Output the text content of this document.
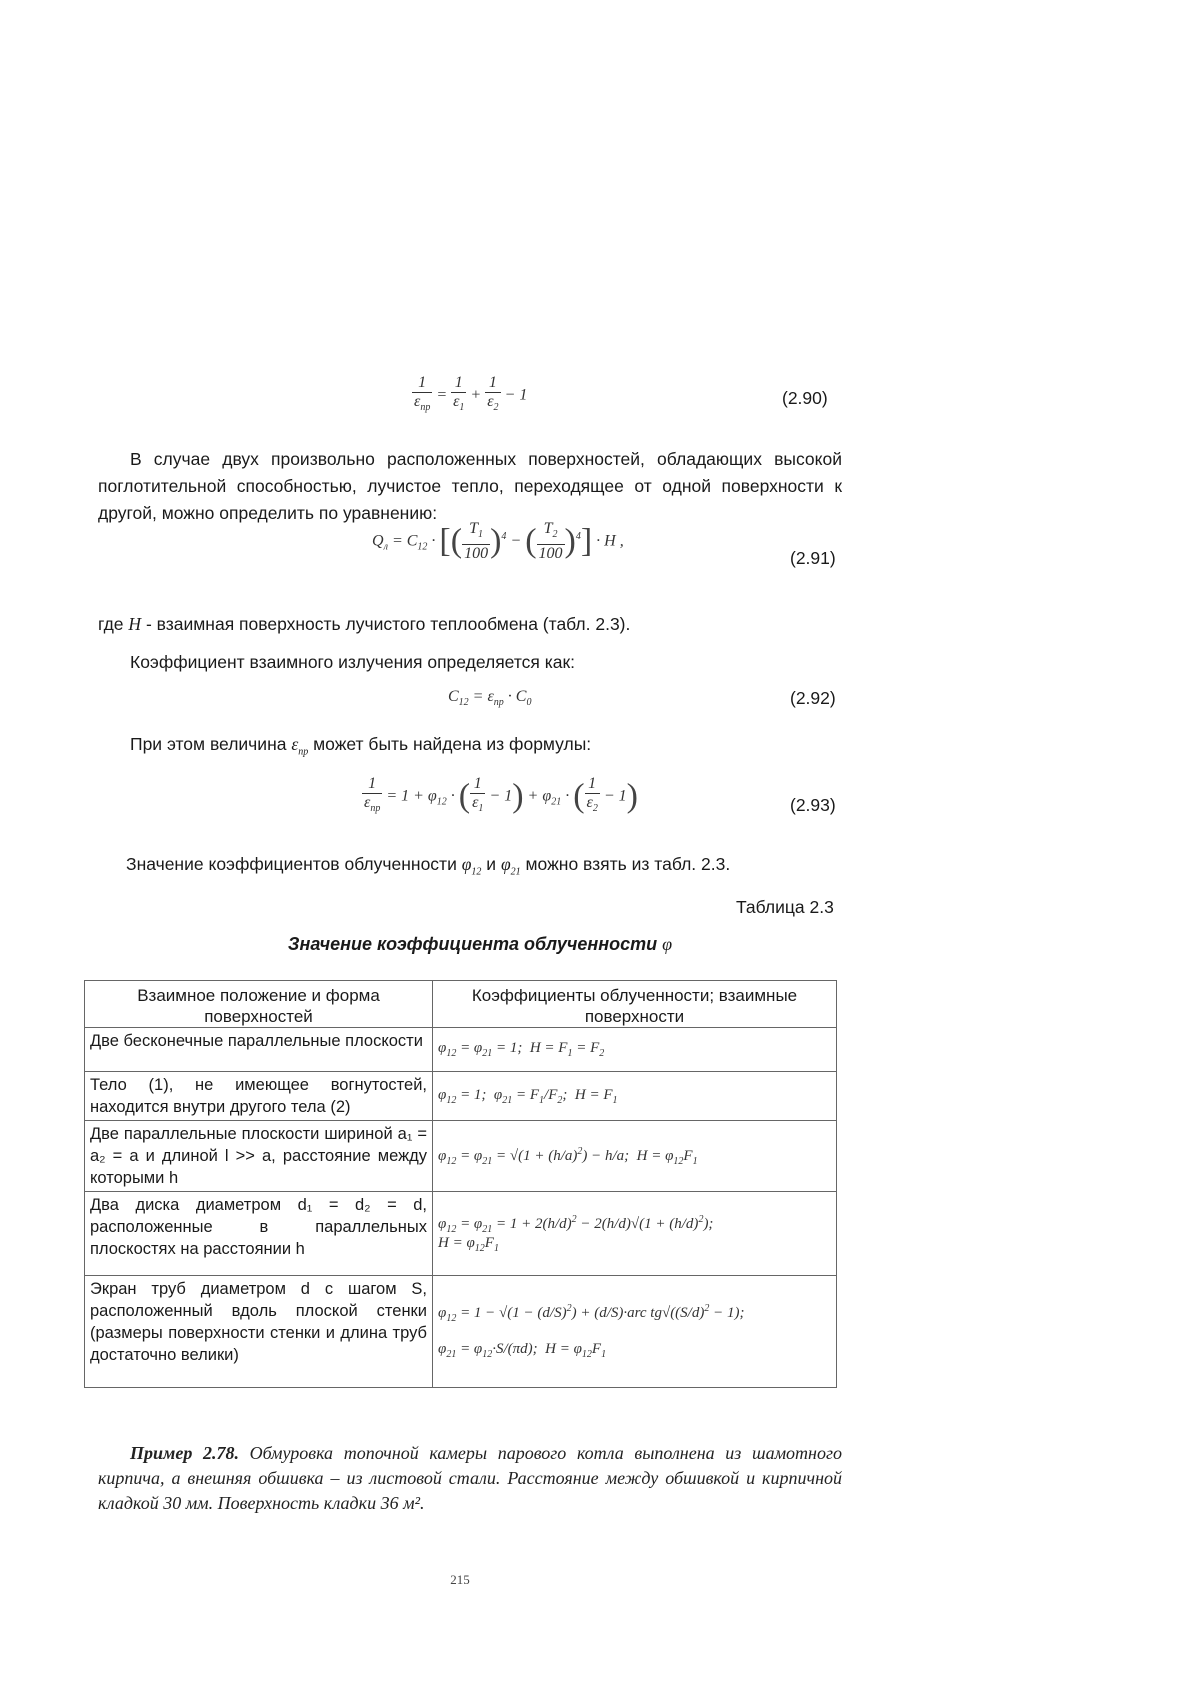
$\frac{1}{\varepsilon_{пр}} = \frac{1}{\varepsilon_1} + \frac{1}{\varepsilon_2} - 1$	(2.90)
В случае двух произвольно расположенных поверхностей, обладающих высокой поглотительной способностью, лучистое тепло, переходящее от одной поверхности к другой, можно определить по уравнению:
$Q_л = C_{12}$ · [( $\frac{T_1}{100} )^4$ − ( $\frac{T_2}{100} )^4] \cdot H$ ,
(2.91)
где H - взаимная поверхность лучистого теплообмена (табл. 2.3).
Коэффициент взаимного излучения определяется как:
$C_{12} = \varepsilon_{пр} \cdot C_0$	(2.92)
При этом величина $\varepsilon_{пр}$ может быть найдена из формулы:
$\frac{1}{\varepsilon_{пр}} = 1 + \varphi_{12}$ · ( $\frac{1}{\varepsilon_1} - 1) + \varphi_{21}$ · ( $\frac{1}{\varepsilon_2} - 1$)	(2.93)
Значение коэффициентов облученности $\varphi_{12}$ и $\varphi_{21}$ можно взять из табл. 2.3.
Таблица 2.3
Значение коэффициента облученности φ
Взаимное положение и форма поверхностей	Коэффициенты облученности; взаимные поверхности
Две бесконечные параллельные плоскости	$\varphi_{12} = \varphi_{21} = 1$;  $H = F_1 = F_2$
Тело (1), не имеющее вогнутостей, находится внутри другого тела (2)	$\varphi_{12} = 1$;  $\varphi_{21} = F_1/F_2$;  $H = F_1$
Две параллельные плоскости шириной a₁ = a₂ = a и длиной l >> a, расстояние между которыми h	$\varphi_{12} = \varphi_{21} = √(1 + (h/a)^2) - h/a$;  $H = \varphi_{12}F_1$
Два диска диаметром d₁ = d₂ = d, расположенные в параллельных плоскостях на расстоянии h	$\varphi_{12} = \varphi_{21} = 1 + 2(h/d)^2 - 2(h/d)√(1 + (h/d)^2)$;
$H = \varphi_{12}F_1$
Экран труб диаметром d с шагом S, расположенный вдоль плоской стенки (размеры поверхности стенки и длина труб достаточно велики)	$\varphi_{12} = 1 - √(1 - (d/S)^2) + (d/S)\cdot arc$ $tg√((S/d)^2 - 1)$;

$\varphi_{21} = \varphi_{12}\cdot S/(\pi d)$;  $H = \varphi_{12}F_1$
Пример 2.78. Обмуровка топочной камеры парового котла выполнена из шамотного кирпича, а внешняя обшивка – из листовой стали. Расстояние между обшивкой и кирпичной кладкой 30 мм. Поверхность кладки 36 м².
215
